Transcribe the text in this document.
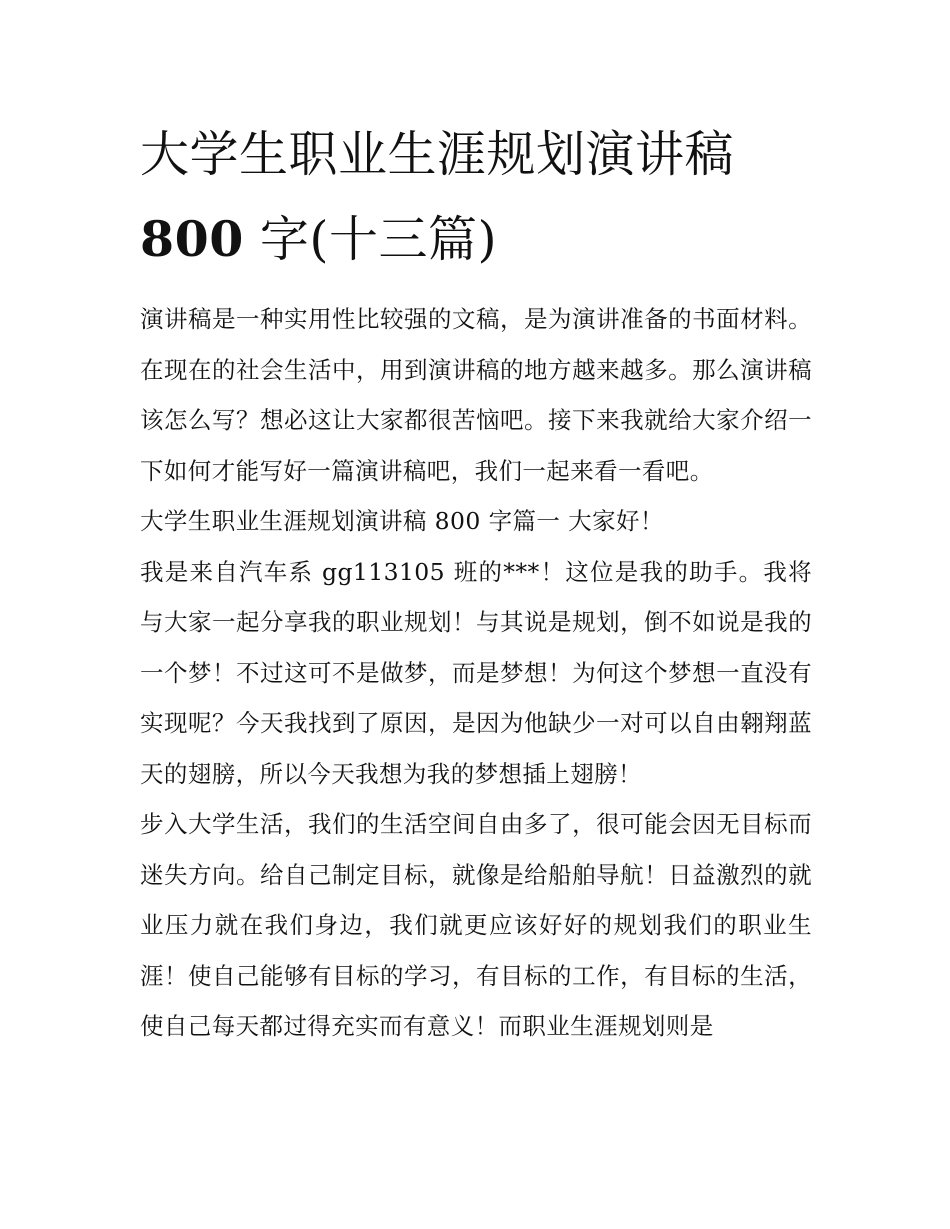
大学生职业生涯规划演讲稿
800 字(十三篇)

演讲稿是一种实用性比较强的文稿，是为演讲准备的书面材料。在现在的社会生活中，用到演讲稿的地方越来越多。那么演讲稿该怎么写？想必这让大家都很苦恼吧。接下来我就给大家介绍一下如何才能写好一篇演讲稿吧，我们一起来看一看吧。

大学生职业生涯规划演讲稿 800 字篇一 大家好！

我是来自汽车系 gg113105 班的***！这位是我的助手。我将与大家一起分享我的职业规划！与其说是规划，倒不如说是我的一个梦！不过这可不是做梦，而是梦想！为何这个梦想一直没有实现呢？今天我找到了原因，是因为他缺少一对可以自由翱翔蓝天的翅膀，所以今天我想为我的梦想插上翅膀！

步入大学生活，我们的生活空间自由多了，很可能会因无目标而迷失方向。给自己制定目标，就像是给船舶导航！日益激烈的就业压力就在我们身边，我们就更应该好好的规划我们的职业生涯！使自己能够有目标的学习，有目标的工作，有目标的生活，使自己每天都过得充实而有意义！而职业生涯规划则是
